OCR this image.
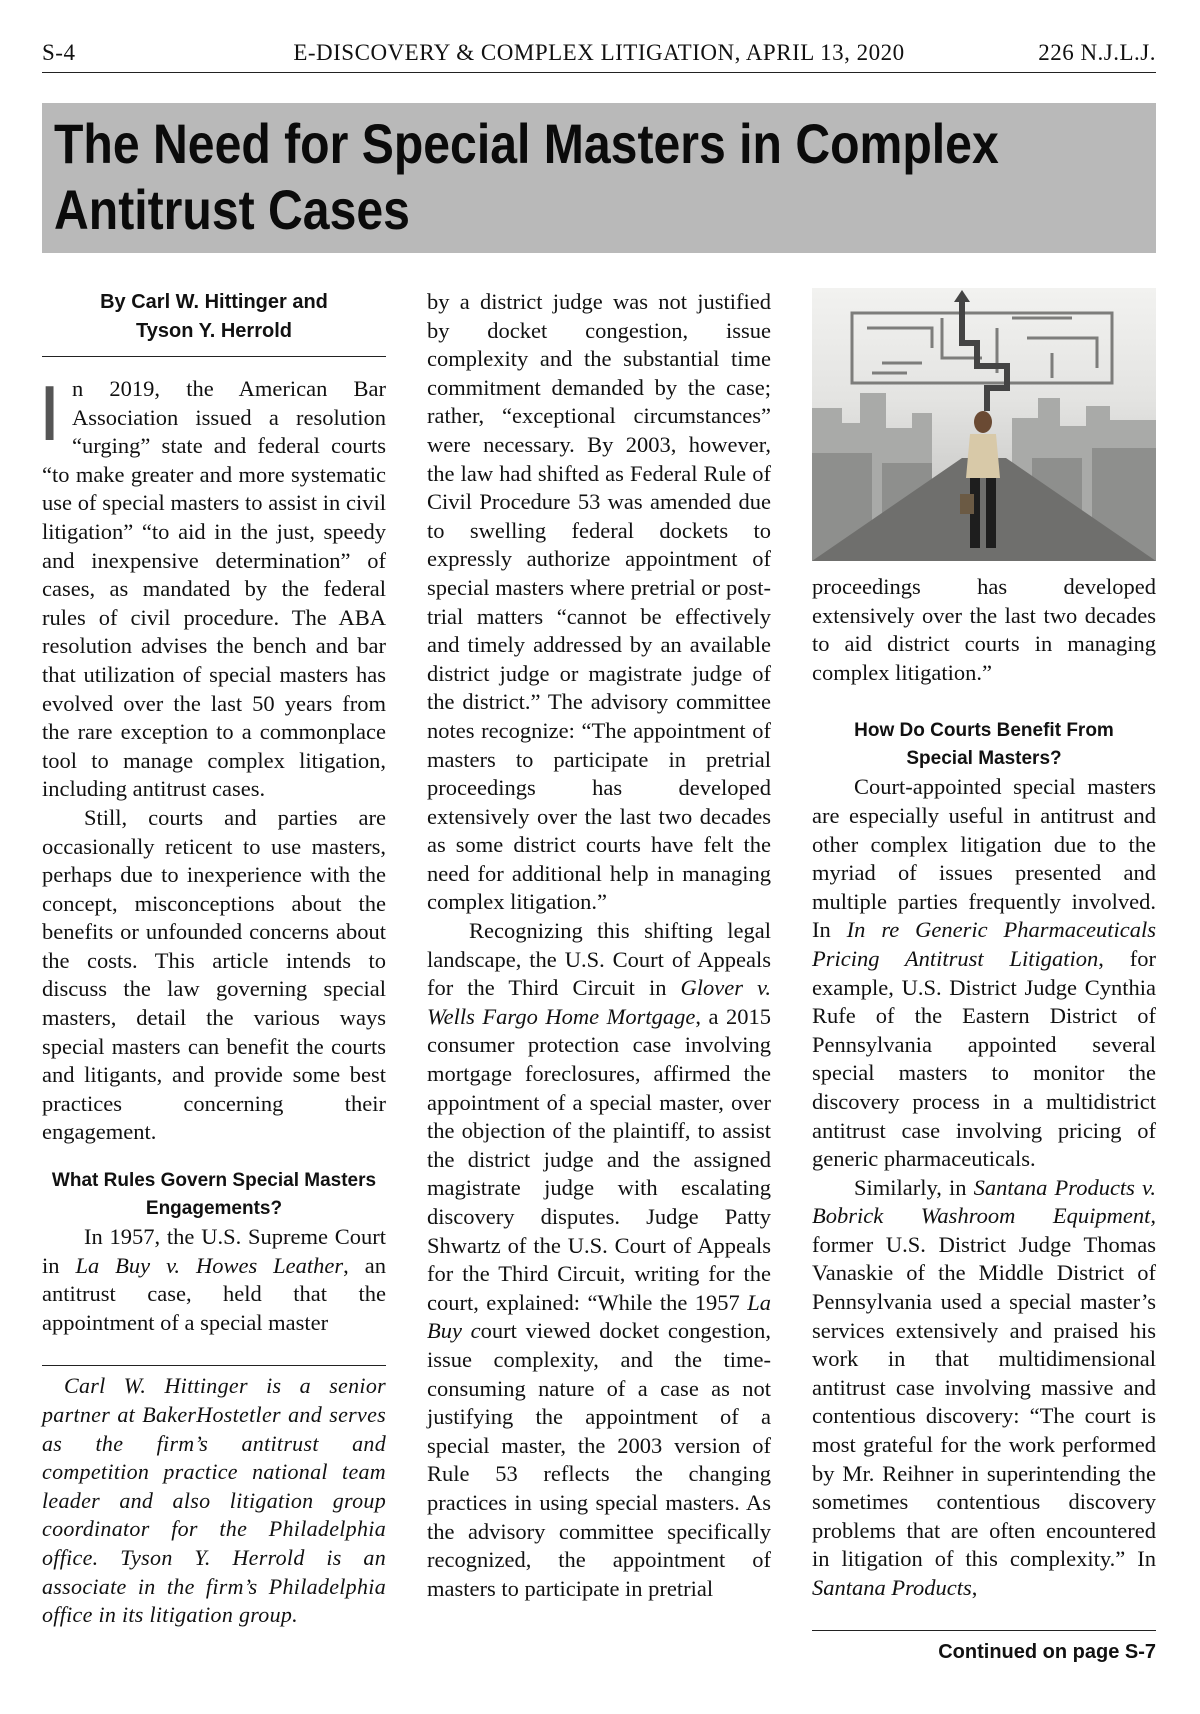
S-4	E-DISCOVERY & COMPLEX LITIGATION, APRIL 13, 2020	226 N.J.L.J.
The Need for Special Masters in Complex
Antitrust Cases
By Carl W. Hittinger and
Tyson Y. Herrold

In 2019, the American Bar Association issued a resolution “urging” state and federal courts “to make greater and more systematic use of special masters to assist in civil litigation” “to aid in the just, speedy and inexpensive determination” of cases, as mandated by the federal rules of civil procedure. The ABA resolution advises the bench and bar that utilization of special masters has evolved over the last 50 years from the rare exception to a commonplace tool to manage complex litigation, including antitrust cases.

Still, courts and parties are occasionally reticent to use masters, perhaps due to inexperience with the concept, misconceptions about the benefits or unfounded concerns about the costs. This article intends to discuss the law governing special masters, detail the various ways special masters can benefit the courts and litigants, and provide some best practices concerning their engagement.

What Rules Govern Special Masters
Engagements?

In 1957, the U.S. Supreme Court in La Buy v. Howes Leather, an antitrust case, held that the appointment of a special master

Carl W. Hittinger is a senior partner at BakerHostetler and serves as the firm’s antitrust and competition practice national team leader and also litigation group coordinator for the Philadelphia office. Tyson Y. Herrold is an associate in the firm’s Philadelphia office in its litigation group.

by a district judge was not justified by docket congestion, issue complexity and the substantial time commitment demanded by the case; rather, “exceptional circumstances” were necessary. By 2003, however, the law had shifted as Federal Rule of Civil Procedure 53 was amended due to swelling federal dockets to expressly authorize appointment of special masters where pretrial or post-trial matters “cannot be effectively and timely addressed by an available district judge or magistrate judge of the district.” The advisory committee notes recognize: “The appointment of masters to participate in pretrial proceedings has developed extensively over the last two decades as some district courts have felt the need for additional help in managing complex litigation.”

Recognizing this shifting legal landscape, the U.S. Court of Appeals for the Third Circuit in Glover v. Wells Fargo Home Mortgage, a 2015 consumer protection case involving mortgage foreclosures, affirmed the appointment of a special master, over the objection of the plaintiff, to assist the district judge and the assigned magistrate judge with escalating discovery disputes. Judge Patty Shwartz of the U.S. Court of Appeals for the Third Circuit, writing for the court, explained: “While the 1957 La Buy court viewed docket congestion, issue complexity, and the time-consuming nature of a case as not justifying the appointment of a special master, the 2003 version of Rule 53 reflects the changing practices in using special masters. As the advisory committee specifically recognized, the appointment of masters to participate in pretrial

proceedings has developed extensively over the last two decades to aid district courts in managing complex litigation.”

How Do Courts Benefit From
Special Masters?

Court-appointed special masters are especially useful in antitrust and other complex litigation due to the myriad of issues presented and multiple parties frequently involved. In In re Generic Pharmaceuticals Pricing Antitrust Litigation, for example, U.S. District Judge Cynthia Rufe of the Eastern District of Pennsylvania appointed several special masters to monitor the discovery process in a multidistrict antitrust case involving pricing of generic pharmaceuticals.

Similarly, in Santana Products v. Bobrick Washroom Equipment, former U.S. District Judge Thomas Vanaskie of the Middle District of Pennsylvania used a special master’s services extensively and praised his work in that multidimensional antitrust case involving massive and contentious discovery: “The court is most grateful for the work performed by Mr. Reihner in superintending the sometimes contentious discovery problems that are often encountered in litigation of this complexity.” In Santana Products,

Continued on page S-7
